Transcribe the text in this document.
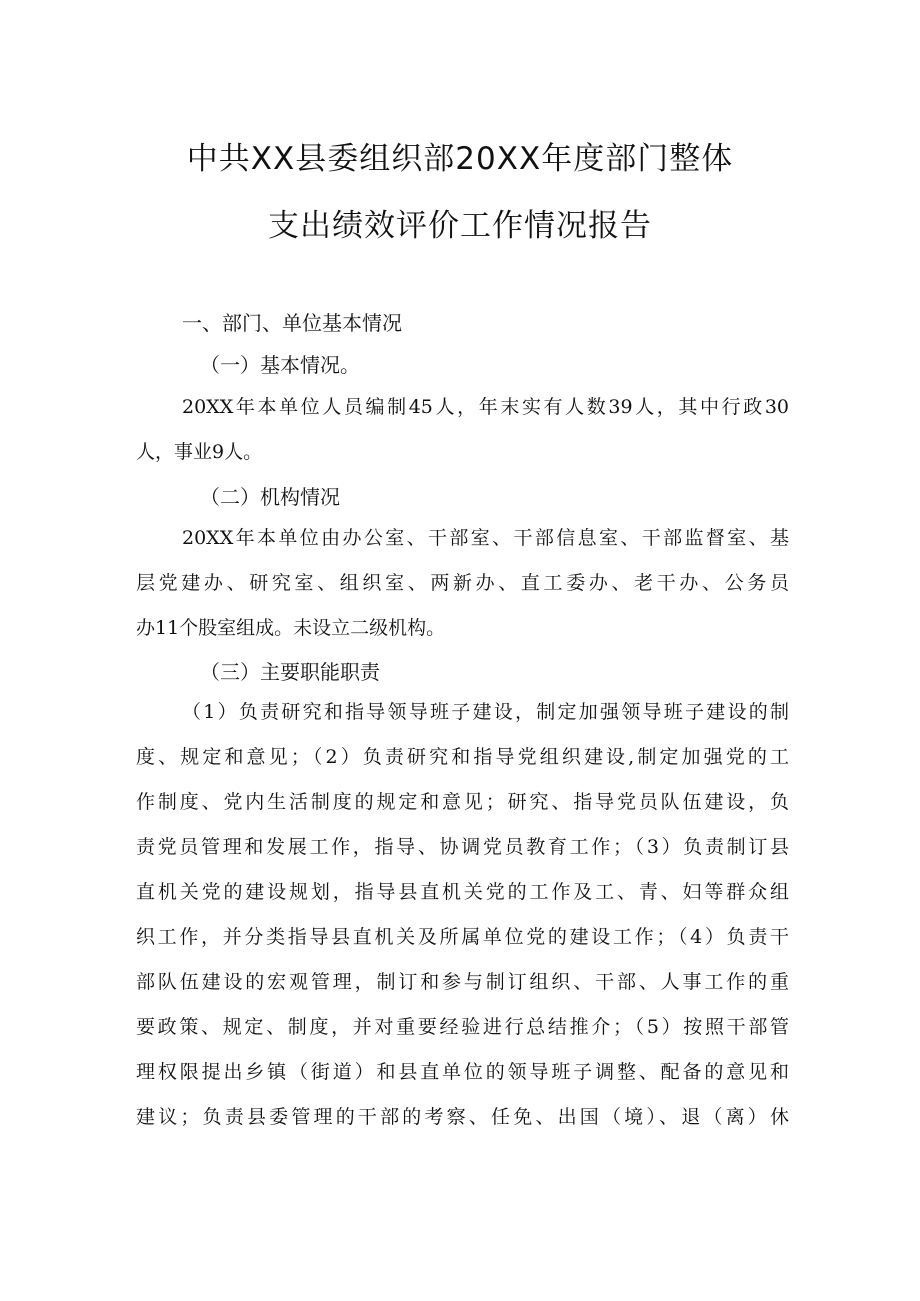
中共XX县委组织部20XX年度部门整体
支出绩效评价工作情况报告
一、部门、单位基本情况
（一）基本情况。
20XX年本单位人员编制45人，年末实有人数39人，其中行政30
人，事业9人。
（二）机构情况
20XX年本单位由办公室、干部室、干部信息室、干部监督室、基
层党建办、研究室、组织室、两新办、直工委办、老干办、公务员
办11个股室组成。未设立二级机构。
（三）主要职能职责
（1）负责研究和指导领导班子建设，制定加强领导班子建设的制
度、规定和意见；（2）负责研究和指导党组织建设,制定加强党的工
作制度、党内生活制度的规定和意见；研究、指导党员队伍建设，负
责党员管理和发展工作，指导、协调党员教育工作；（3）负责制订县
直机关党的建设规划，指导县直机关党的工作及工、青、妇等群众组
织工作，并分类指导县直机关及所属单位党的建设工作；（4）负责干
部队伍建设的宏观管理，制订和参与制订组织、干部、人事工作的重
要政策、规定、制度，并对重要经验进行总结推介；（5）按照干部管
理权限提出乡镇（街道）和县直单位的领导班子调整、配备的意见和
建议；负责县委管理的干部的考察、任免、出国（境）、退（离）休
